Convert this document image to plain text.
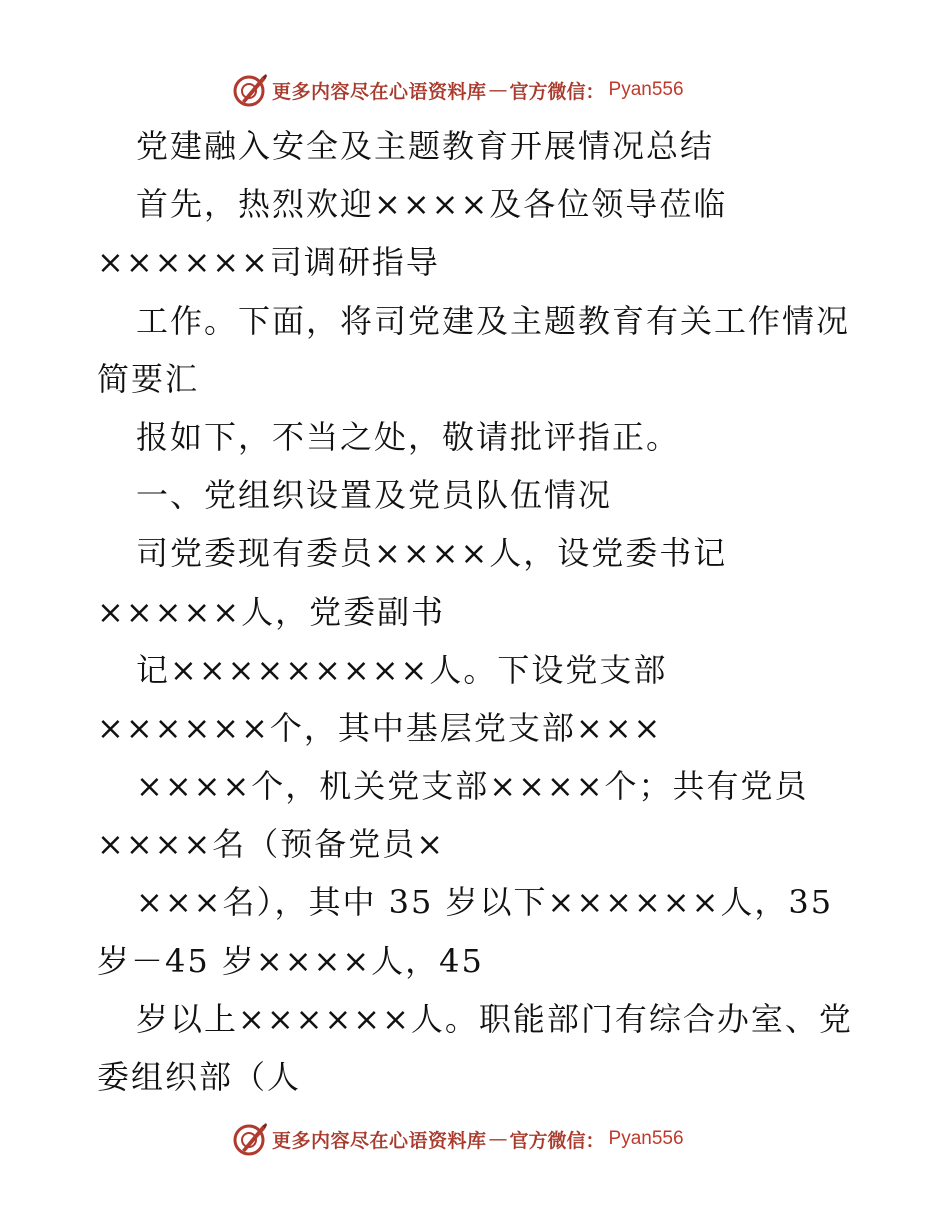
更多内容尽在心语资料库 — 官方微信： Pyan556
党建融入安全及主题教育开展情况总结
首先，热烈欢迎××××及各位领导莅临
××××××司调研指导
工作。下面，将司党建及主题教育有关工作情况
简要汇
报如下，不当之处，敬请批评指正。
一、党组织设置及党员队伍情况
司党委现有委员××××人，设党委书记
×××××人，党委副书
记×××××××××人。下设党支部
××××××个，其中基层党支部×××
××××个，机关党支部××××个；共有党员
××××名（预备党员×
×××名），其中 35 岁以下××××××人，35
岁－45 岁××××人，45
岁以上××××××人。职能部门有综合办室、党
委组织部（人
更多内容尽在心语资料库 — 官方微信： Pyan556
